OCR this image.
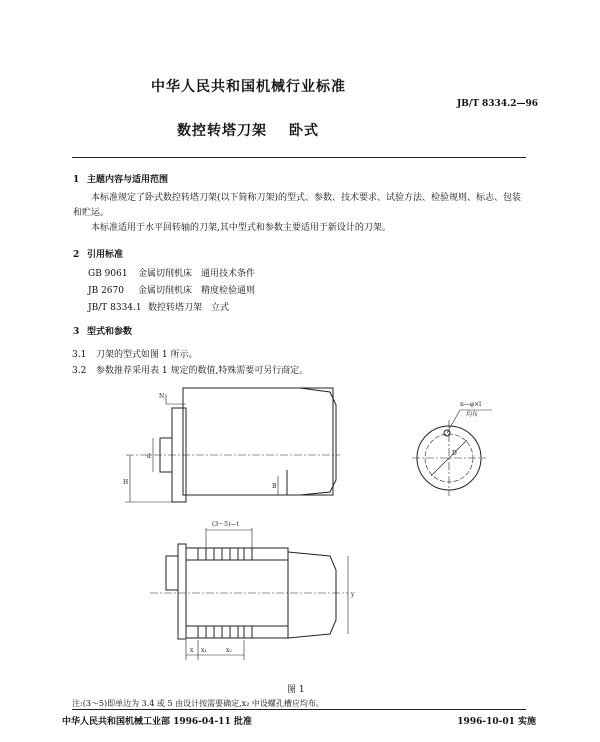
中华人民共和国机械行业标准
JB/T 8334.2—96
数控转塔刀架 卧式
1 主题内容与适用范围
本标准规定了卧式数控转塔刀架(以下简称刀架)的型式、参数、技术要求、试验方法、检验规则、标志、包装和贮运。
本标准适用于水平回转轴的刀架,其中型式和参数主要适用于新设计的刀架。
2 引用标准
GB 9061 金属切削机床　通用技术条件
JB 2670 金属切削机床　精度检验通则
JB/T 8334.1 数控转塔刀架　立式
3 型式和参数
3.1 刀架的型式如图 1 所示。
3.2 参数推荐采用表 1 规定的数值,特殊需要可另行商定。
N
d
H
B
(3～5)—t
x x₁	x₂
y
n—φ×l
均布
D
图 1
注:(3～5)即单边为 3.4 或 5 由设计按需要确定,x₂ 中设螺孔槽应均布。
中华人民共和国机械工业部 1996-04-11 批准	1996-10-01 实施
